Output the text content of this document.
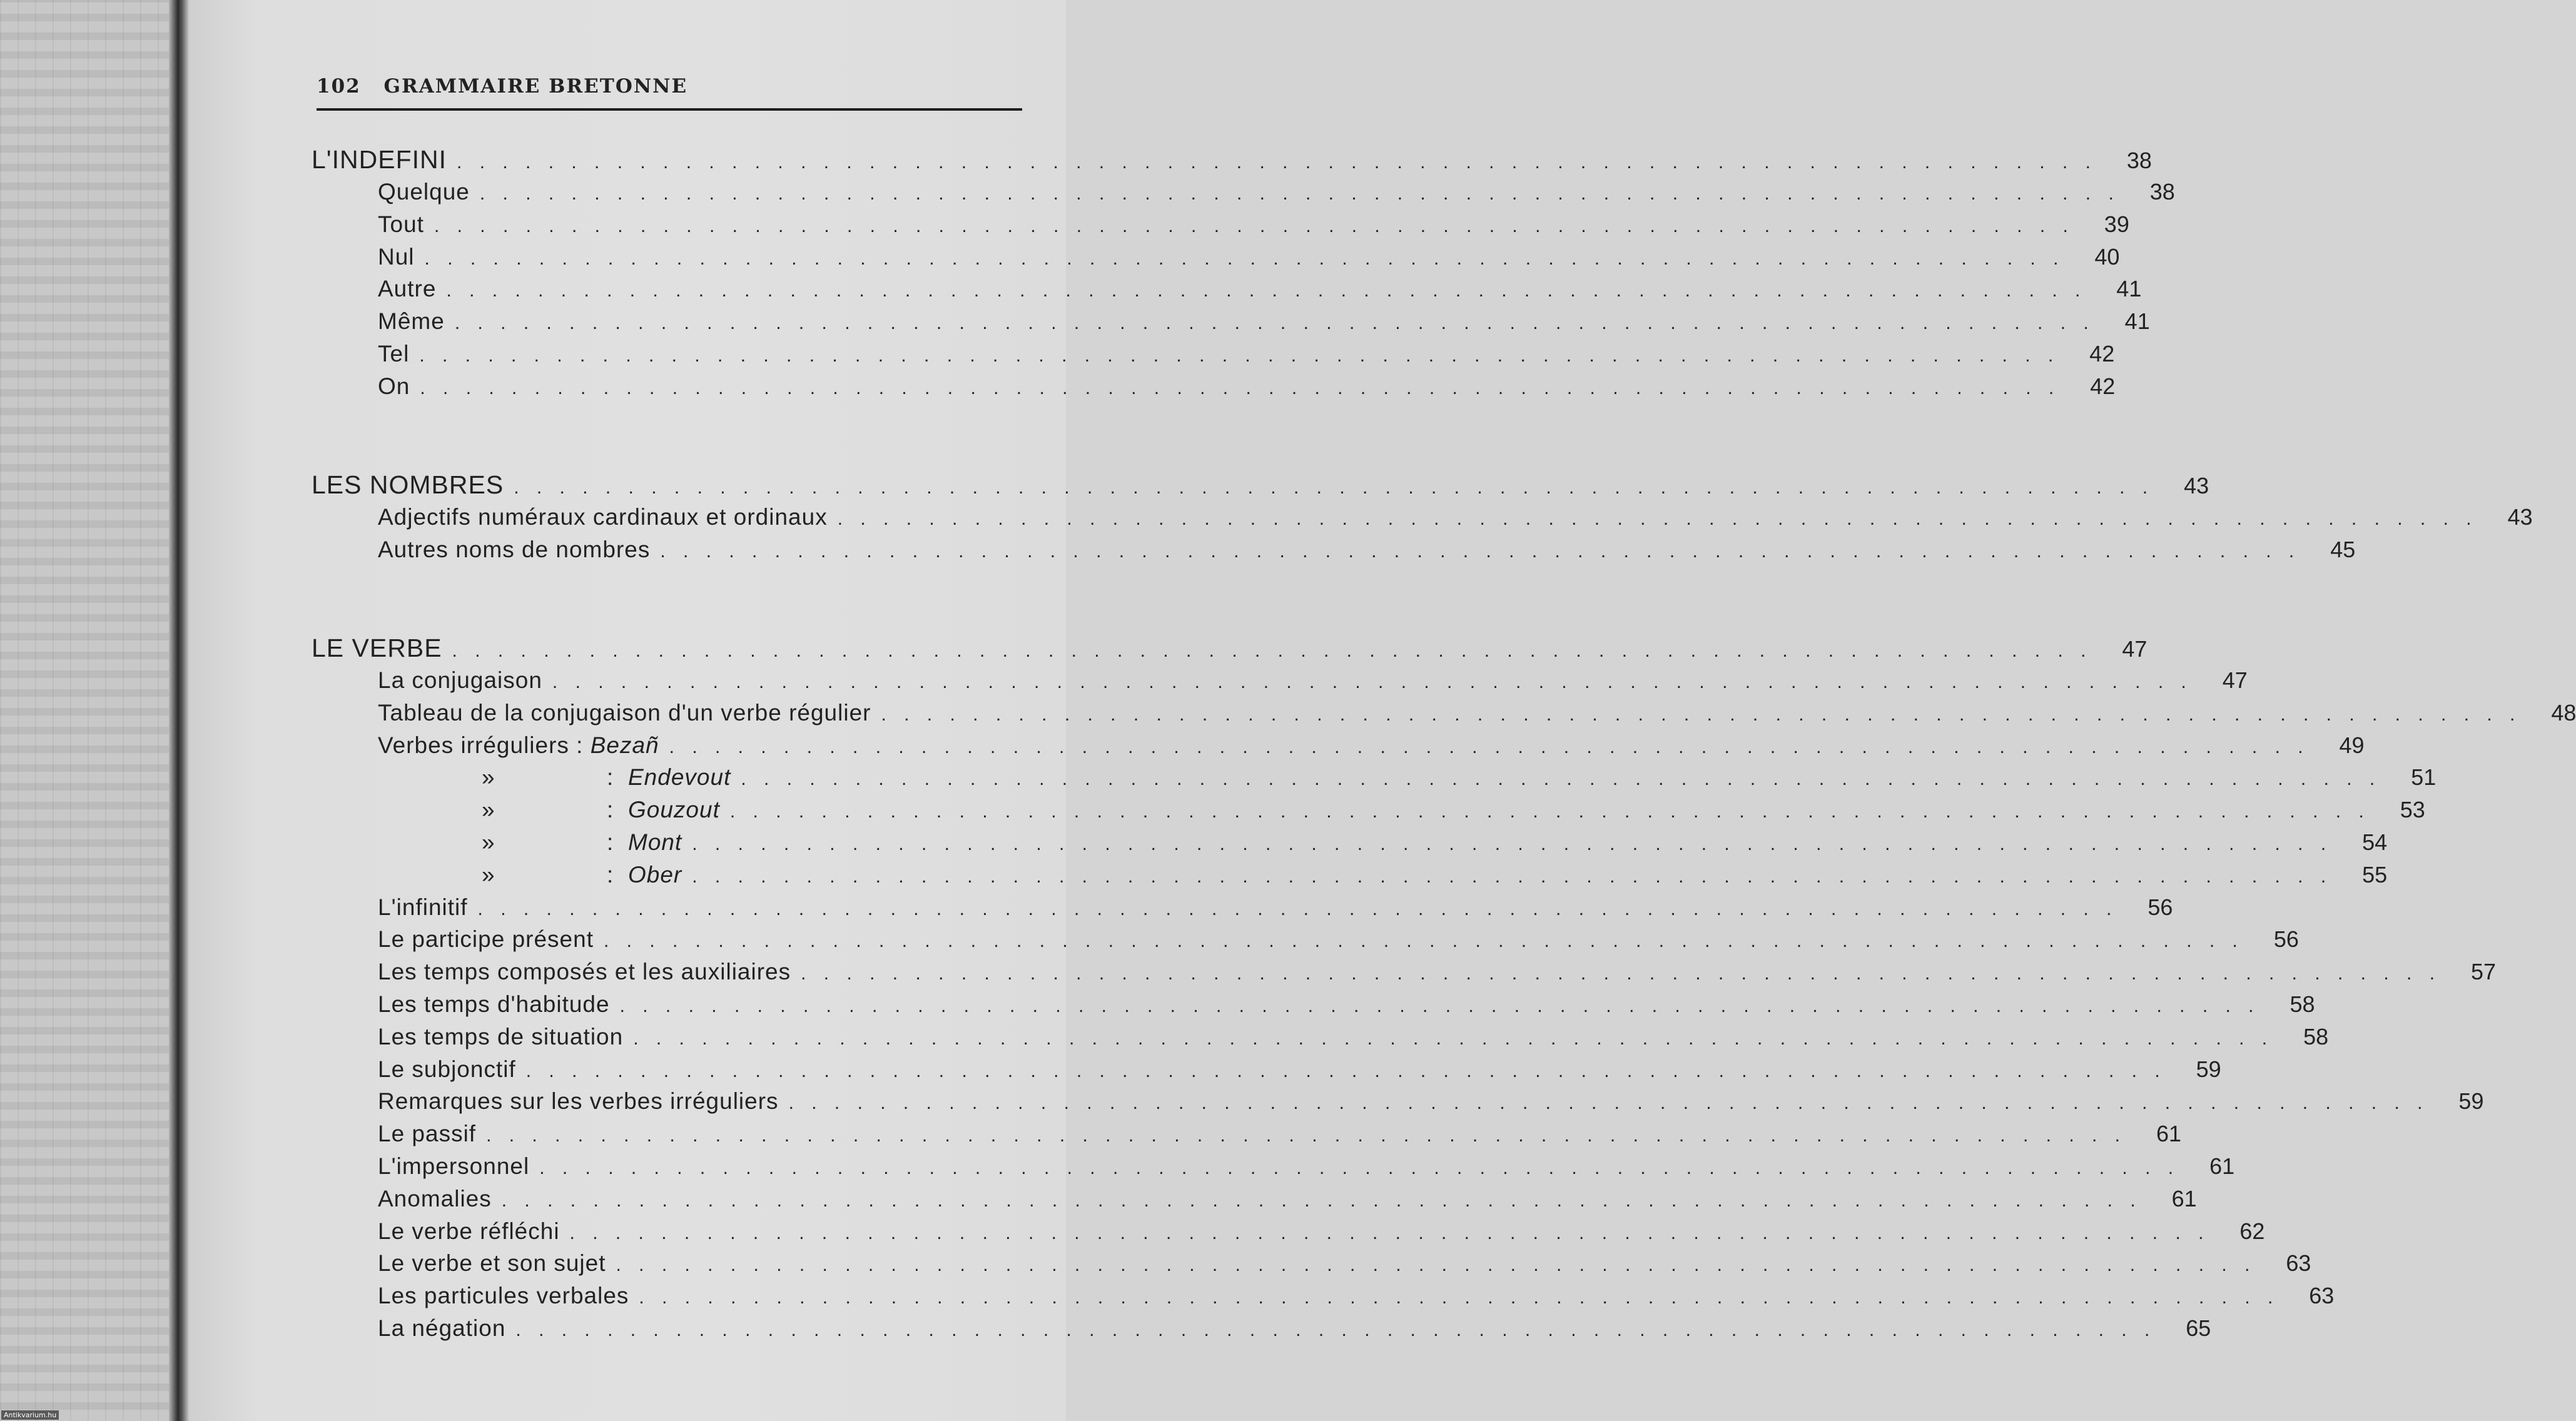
102 GRAMMAIRE BRETONNE
L'INDEFINI . . . . . . . . . . . . . . . . . . . . . . . . . . . . . . . . . . . . . . . . . . . . . . . . . . . . . . . . . . . . . . . . . . . . . . . . 38
Quelque . . . . . . . . . . . . . . . . . . . . . . . . . . . . . . . . . . . . . . . . . . . . . . . . . . . . . . . . . . . . . . . . . . . . . . . . 38
Tout . . . . . . . . . . . . . . . . . . . . . . . . . . . . . . . . . . . . . . . . . . . . . . . . . . . . . . . . . . . . . . . . . . . . . . . . 39
Nul . . . . . . . . . . . . . . . . . . . . . . . . . . . . . . . . . . . . . . . . . . . . . . . . . . . . . . . . . . . . . . . . . . . . . . . . 40
Autre . . . . . . . . . . . . . . . . . . . . . . . . . . . . . . . . . . . . . . . . . . . . . . . . . . . . . . . . . . . . . . . . . . . . . . . . 41
Même . . . . . . . . . . . . . . . . . . . . . . . . . . . . . . . . . . . . . . . . . . . . . . . . . . . . . . . . . . . . . . . . . . . . . . . . 41
Tel . . . . . . . . . . . . . . . . . . . . . . . . . . . . . . . . . . . . . . . . . . . . . . . . . . . . . . . . . . . . . . . . . . . . . . . . 42
On . . . . . . . . . . . . . . . . . . . . . . . . . . . . . . . . . . . . . . . . . . . . . . . . . . . . . . . . . . . . . . . . . . . . . . . . 42
LES NOMBRES . . . . . . . . . . . . . . . . . . . . . . . . . . . . . . . . . . . . . . . . . . . . . . . . . . . . . . . . . . . . . . . . . . . . . . . . 43
Adjectifs numéraux cardinaux et ordinaux . . . . . . . . . . . . . . . . . . . . . . . . . . . . . . . . . . . . . . . . . . . . . . . . . . . . . . . . . . . . . . . . . . . . . . . . 43
Autres noms de nombres . . . . . . . . . . . . . . . . . . . . . . . . . . . . . . . . . . . . . . . . . . . . . . . . . . . . . . . . . . . . . . . . . . . . . . . . 45
LE VERBE . . . . . . . . . . . . . . . . . . . . . . . . . . . . . . . . . . . . . . . . . . . . . . . . . . . . . . . . . . . . . . . . . . . . . . . . 47
La conjugaison . . . . . . . . . . . . . . . . . . . . . . . . . . . . . . . . . . . . . . . . . . . . . . . . . . . . . . . . . . . . . . . . . . . . . . . . 47
Tableau de la conjugaison d'un verbe régulier . . . . . . . . . . . . . . . . . . . . . . . . . . . . . . . . . . . . . . . . . . . . . . . . . . . . . . . . . . . . . . . . . . . . . . . . 48
Verbes irréguliers : Bezañ . . . . . . . . . . . . . . . . . . . . . . . . . . . . . . . . . . . . . . . . . . . . . . . . . . . . . . . . . . . . . . . . . . . . . . . . 49
»	: Endevout . . . . . . . . . . . . . . . . . . . . . . . . . . . . . . . . . . . . . . . . . . . . . . . . . . . . . . . . . . . . . . . . . . . . . . . . 51
»	: Gouzout . . . . . . . . . . . . . . . . . . . . . . . . . . . . . . . . . . . . . . . . . . . . . . . . . . . . . . . . . . . . . . . . . . . . . . . . 53
»	: Mont . . . . . . . . . . . . . . . . . . . . . . . . . . . . . . . . . . . . . . . . . . . . . . . . . . . . . . . . . . . . . . . . . . . . . . . . 54
»	: Ober . . . . . . . . . . . . . . . . . . . . . . . . . . . . . . . . . . . . . . . . . . . . . . . . . . . . . . . . . . . . . . . . . . . . . . . . 55
L'infinitif . . . . . . . . . . . . . . . . . . . . . . . . . . . . . . . . . . . . . . . . . . . . . . . . . . . . . . . . . . . . . . . . . . . . . . . . 56
Le participe présent . . . . . . . . . . . . . . . . . . . . . . . . . . . . . . . . . . . . . . . . . . . . . . . . . . . . . . . . . . . . . . . . . . . . . . . . 56
Les temps composés et les auxiliaires . . . . . . . . . . . . . . . . . . . . . . . . . . . . . . . . . . . . . . . . . . . . . . . . . . . . . . . . . . . . . . . . . . . . . . . . 57
Les temps d'habitude . . . . . . . . . . . . . . . . . . . . . . . . . . . . . . . . . . . . . . . . . . . . . . . . . . . . . . . . . . . . . . . . . . . . . . . . 58
Les temps de situation . . . . . . . . . . . . . . . . . . . . . . . . . . . . . . . . . . . . . . . . . . . . . . . . . . . . . . . . . . . . . . . . . . . . . . . . 58
Le subjonctif . . . . . . . . . . . . . . . . . . . . . . . . . . . . . . . . . . . . . . . . . . . . . . . . . . . . . . . . . . . . . . . . . . . . . . . . 59
Remarques sur les verbes irréguliers . . . . . . . . . . . . . . . . . . . . . . . . . . . . . . . . . . . . . . . . . . . . . . . . . . . . . . . . . . . . . . . . . . . . . . . . 59
Le passif . . . . . . . . . . . . . . . . . . . . . . . . . . . . . . . . . . . . . . . . . . . . . . . . . . . . . . . . . . . . . . . . . . . . . . . . 61
L'impersonnel . . . . . . . . . . . . . . . . . . . . . . . . . . . . . . . . . . . . . . . . . . . . . . . . . . . . . . . . . . . . . . . . . . . . . . . . 61
Anomalies . . . . . . . . . . . . . . . . . . . . . . . . . . . . . . . . . . . . . . . . . . . . . . . . . . . . . . . . . . . . . . . . . . . . . . . . 61
Le verbe réfléchi . . . . . . . . . . . . . . . . . . . . . . . . . . . . . . . . . . . . . . . . . . . . . . . . . . . . . . . . . . . . . . . . . . . . . . . . 62
Le verbe et son sujet . . . . . . . . . . . . . . . . . . . . . . . . . . . . . . . . . . . . . . . . . . . . . . . . . . . . . . . . . . . . . . . . . . . . . . . . 63
Les particules verbales . . . . . . . . . . . . . . . . . . . . . . . . . . . . . . . . . . . . . . . . . . . . . . . . . . . . . . . . . . . . . . . . . . . . . . . . 63
La négation . . . . . . . . . . . . . . . . . . . . . . . . . . . . . . . . . . . . . . . . . . . . . . . . . . . . . . . . . . . . . . . . . . . . . . . . 65
Antikvarium.hu
